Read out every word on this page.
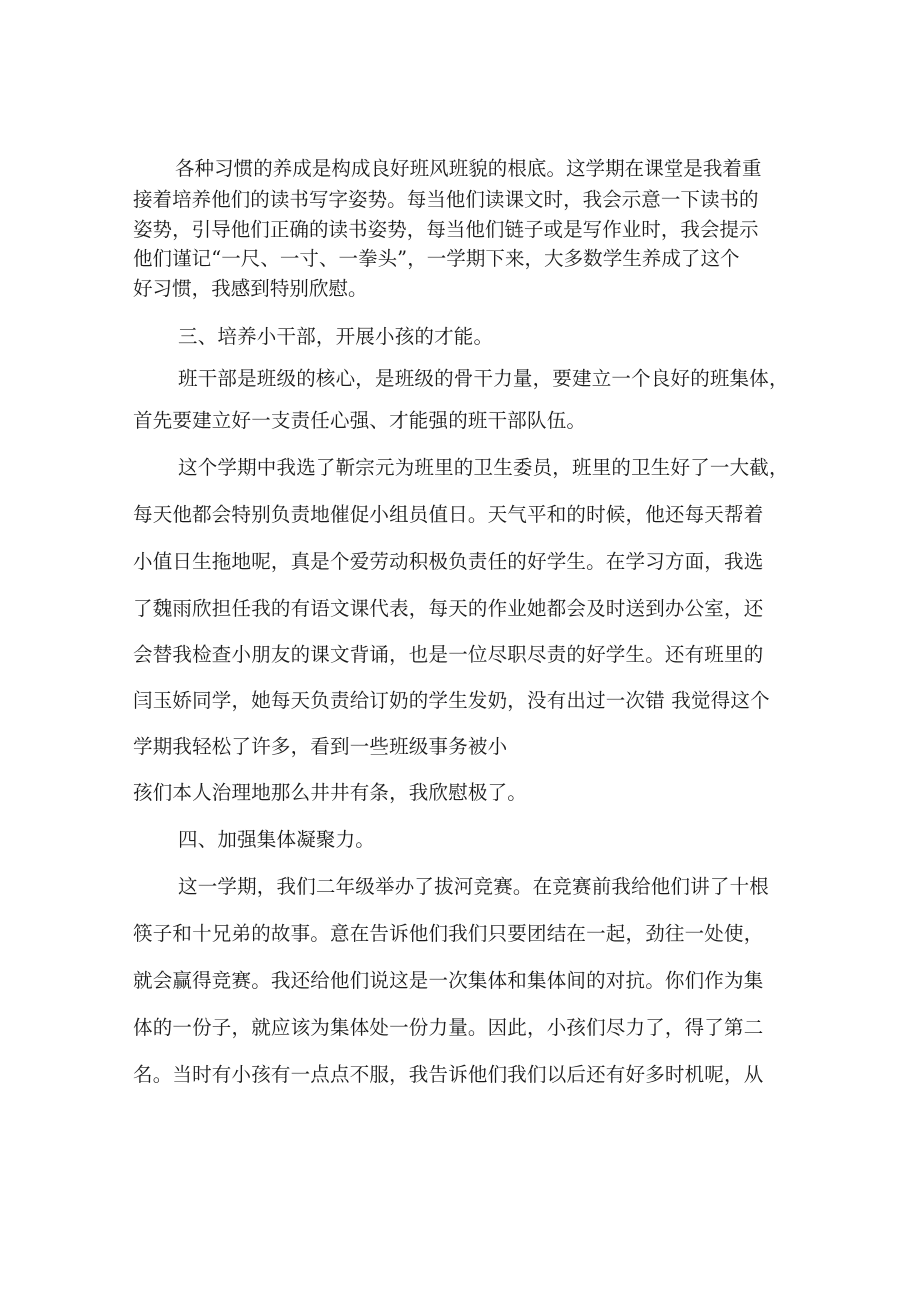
各种习惯的养成是构成良好班风班貌的根底。这学期在课堂是我着重
接着培养他们的读书写字姿势。每当他们读课文时，我会示意一下读书的
姿势，引导他们正确的读书姿势，每当他们链子或是写作业时，我会提示
他们谨记“一尺、一寸、一拳头”，一学期下来，大多数学生养成了这个
好习惯，我感到特别欣慰。
三、培养小干部，开展小孩的才能。
班干部是班级的核心，是班级的骨干力量，要建立一个良好的班集体，
首先要建立好一支责任心强、才能强的班干部队伍。
这个学期中我选了靳宗元为班里的卫生委员，班里的卫生好了一大截，
每天他都会特别负责地催促小组员值日。天气平和的时候，他还每天帮着
小值日生拖地呢，真是个爱劳动积极负责任的好学生。在学习方面，我选
了魏雨欣担任我的有语文课代表，每天的作业她都会及时送到办公室，还
会替我检查小朋友的课文背诵，也是一位尽职尽责的好学生。还有班里的
闫玉娇同学，她每天负责给订奶的学生发奶，没有出过一次错 我觉得这个
学期我轻松了许多，看到一些班级事务被小
孩们本人治理地那么井井有条，我欣慰极了。
四、加强集体凝聚力。
这一学期，我们二年级举办了拔河竞赛。在竞赛前我给他们讲了十根
筷子和十兄弟的故事。意在告诉他们我们只要团结在一起，劲往一处使，
就会赢得竞赛。我还给他们说这是一次集体和集体间的对抗。你们作为集
体的一份子，就应该为集体处一份力量。因此，小孩们尽力了，得了第二
名。当时有小孩有一点点不服，我告诉他们我们以后还有好多时机呢，从
